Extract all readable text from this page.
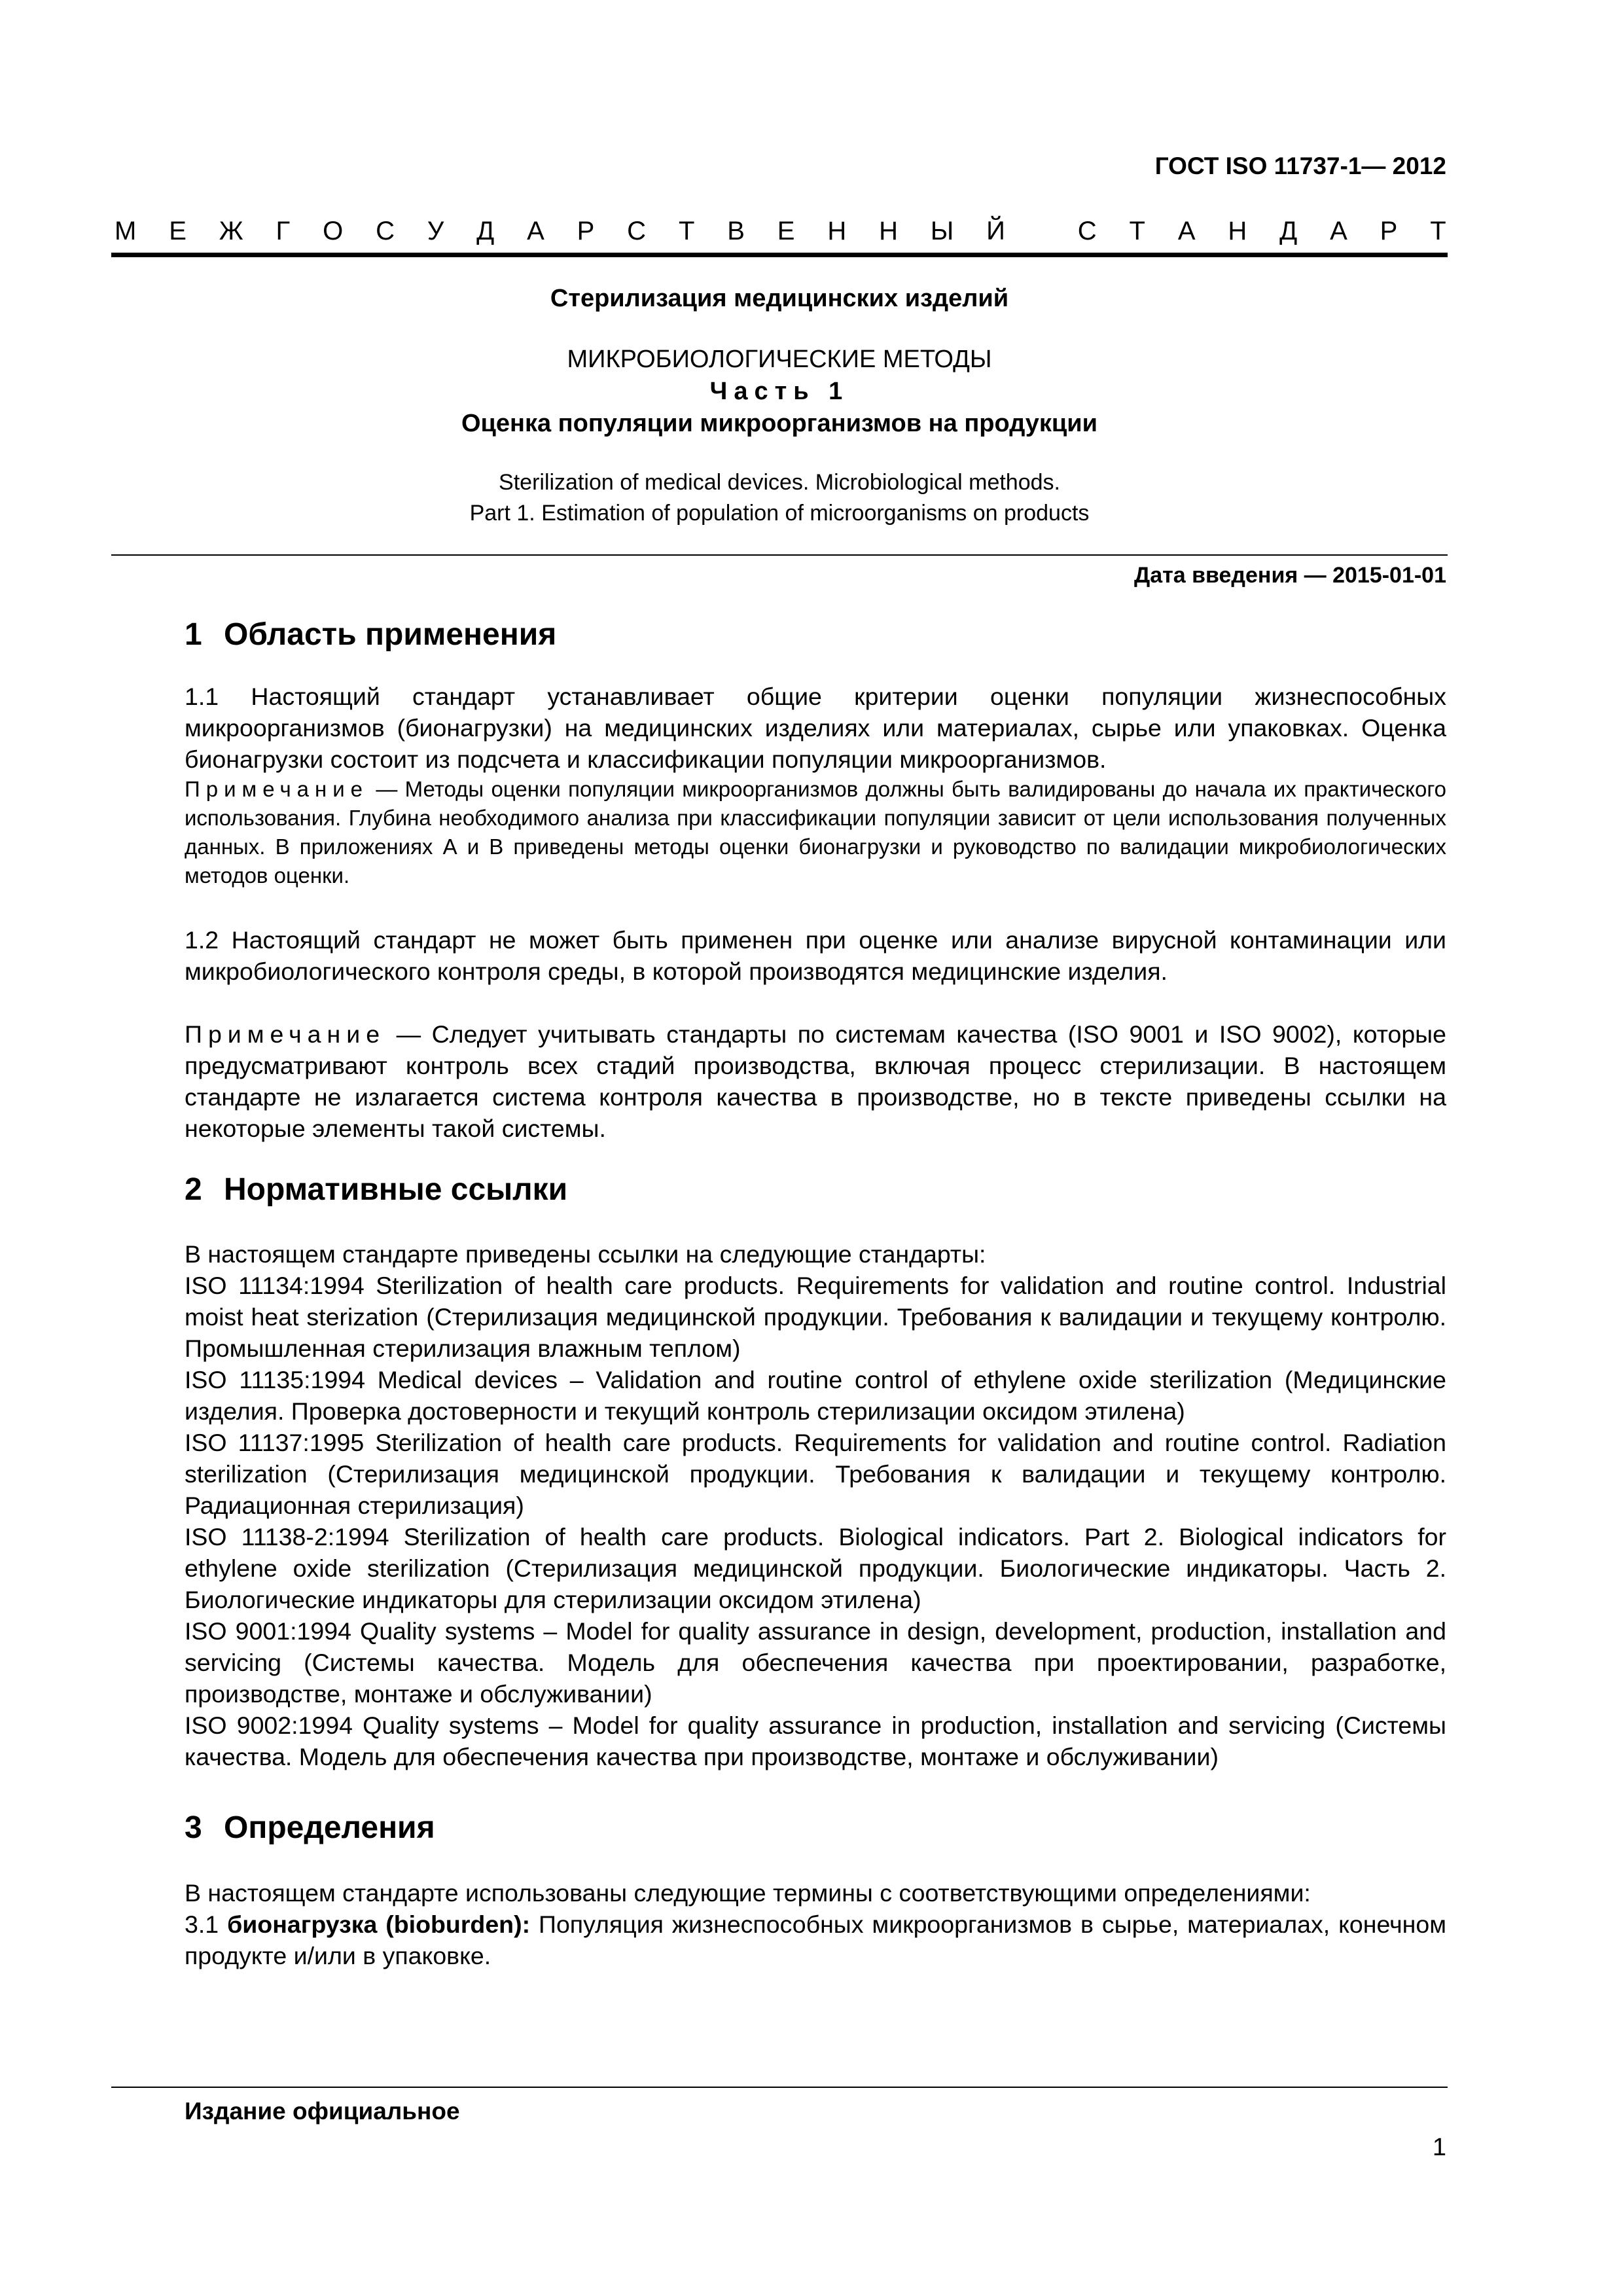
ГОСТ ISO 11737-1— 2012
М Е Ж Г О С У Д А Р С Т В Е Н Н Ы Й
	С Т А Н Д А Р Т
Стерилизация медицинских изделий
МИКРОБИОЛОГИЧЕСКИЕ МЕТОДЫ
Часть 1
Оценка популяции микроорганизмов на продукции
Sterilization of medical devices. Microbiological methods.
Part 1. Estimation of population of microorganisms on products
Дата введения — 2015-01-01
1 Область применения

1.1 Настоящий стандарт устанавливает общие критерии оценки популяции жизнеспособных микроорганизмов (бионагрузки) на медицинских изделиях или материалах, сырье или упаковках. Оценка бионагрузки состоит из подсчета и классификации популяции микроорганизмов.

Примечание — Методы оценки популяции микроорганизмов должны быть валидированы до начала их практического использования. Глубина необходимого анализа при классификации популяции зависит от цели использования полученных данных. В приложениях А и В приведены методы оценки бионагрузки и руководство по валидации микробиологических методов оценки.

1.2 Настоящий стандарт не может быть применен при оценке или анализе вирусной контаминации или микробиологического контроля среды, в которой производятся медицинские изделия.

Примечание — Следует учитывать стандарты по системам качества (ISO 9001 и ISO 9002), которые предусматривают контроль всех стадий производства, включая процесс стерилизации. В настоящем стандарте не излагается система контроля качества в производстве, но в тексте приведены ссылки на некоторые элементы такой системы.

2 Нормативные ссылки

В настоящем стандарте приведены ссылки на следующие стандарты:

ISO 11134:1994 Sterilization of health care products. Requirements for validation and routine control. Industrial moist heat sterization (Стерилизация медицинской продукции. Требования к валидации и текущему контролю. Промышленная стерилизация влажным теплом)

ISO 11135:1994 Medical devices – Validation and routine control of ethylene oxide sterilization (Медицинские изделия. Проверка достоверности и текущий контроль стерилизации оксидом этилена)

ISO 11137:1995 Sterilization of health care products. Requirements for validation and routine control. Radiation sterilization (Стерилизация медицинской продукции. Требования к валидации и текущему контролю. Радиационная стерилизация)

ISO 11138-2:1994 Sterilization of health care products. Biological indicators. Part 2. Biological indicators for ethylene oxide sterilization (Стерилизация медицинской продукции. Биологические индикаторы. Часть 2. Биологические индикаторы для стерилизации оксидом этилена)

ISO 9001:1994 Quality systems – Model for quality assurance in design, development, production, installation and servicing (Системы качества. Модель для обеспечения качества при проектировании, разработке, производстве, монтаже и обслуживании)

ISO 9002:1994 Quality systems – Model for quality assurance in production, installation and servicing (Системы качества. Модель для обеспечения качества при производстве, монтаже и обслуживании)

3 Определения

В настоящем стандарте использованы следующие термины с соответствующими определениями:

3.1 бионагрузка (bioburden): Популяция жизнеспособных микроорганизмов в сырье, материалах, конечном продукте и/или в упаковке.

Издание официальное
1
